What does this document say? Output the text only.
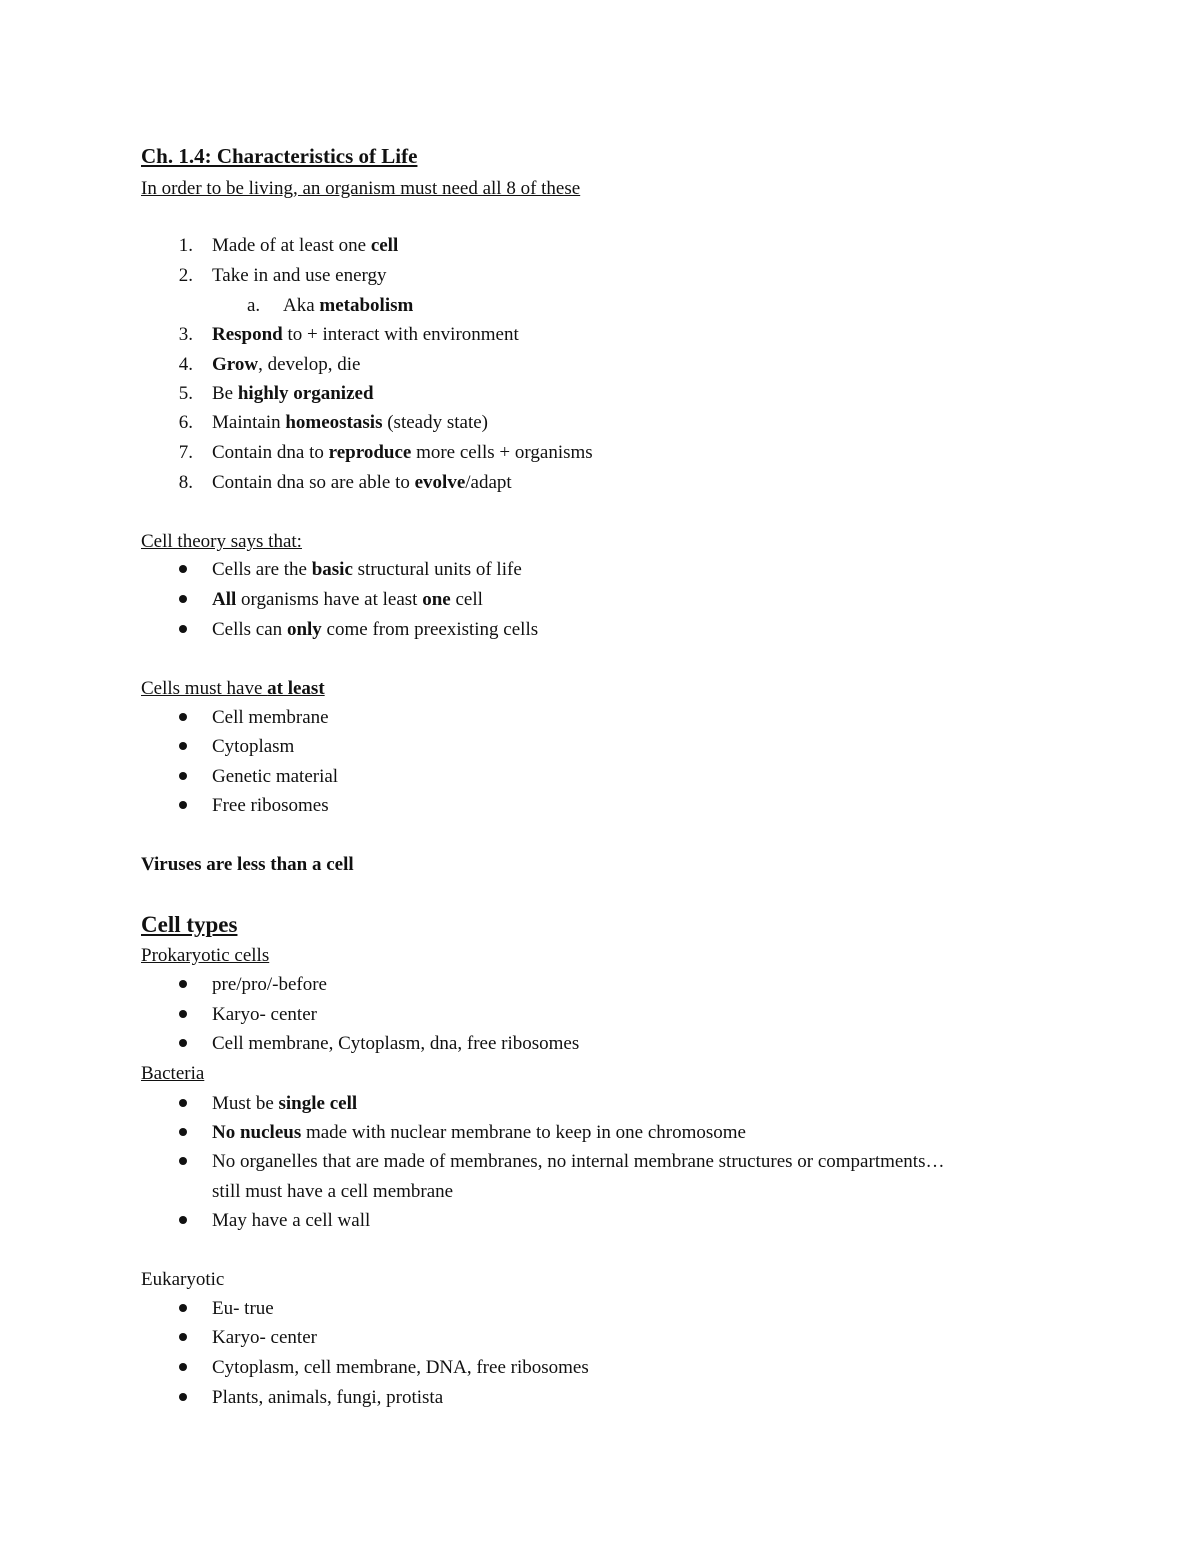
Ch. 1.4: Characteristics of Life
In order to be living, an organism must need all 8 of these
1. Made of at least one cell
2. Take in and use energy
a. Aka metabolism
3. Respond to + interact with environment
4. Grow, develop, die
5. Be highly organized
6. Maintain homeostasis (steady state)
7. Contain dna to reproduce more cells + organisms
8. Contain dna so are able to evolve/adapt
Cell theory says that:
Cells are the basic structural units of life
All organisms have at least one cell
Cells can only come from preexisting cells
Cells must have at least
Cell membrane
Cytoplasm
Genetic material
Free ribosomes
Viruses are less than a cell
Cell types
Prokaryotic cells
pre/pro/-before
Karyo- center
Cell membrane, Cytoplasm, dna, free ribosomes
Bacteria
Must be single cell
No nucleus made with nuclear membrane to keep in one chromosome
No organelles that are made of membranes, no internal membrane structures or compartments…
May have a cell wall
still must have a cell membrane
Eukaryotic
Eu- true
Karyo- center
Cytoplasm, cell membrane, DNA, free ribosomes
Plants, animals, fungi, protista
